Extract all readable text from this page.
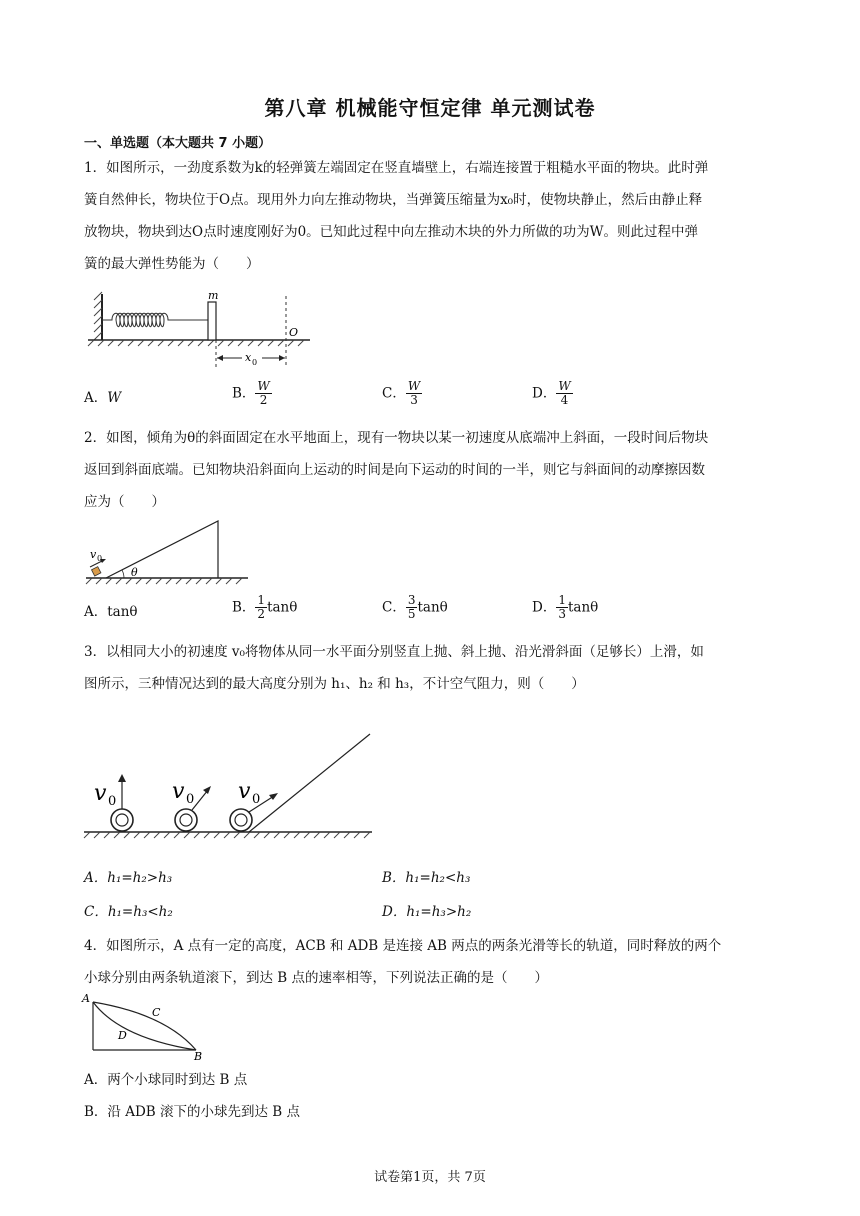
第八章 机械能守恒定律 单元测试卷
一、单选题（本大题共 7 小题）
1．如图所示，一劲度系数为k的轻弹簧左端固定在竖直墙壁上，右端连接置于粗糙水平面的物块。此时弹
簧自然伸长，物块位于O点。现用外力向左推动物块，当弹簧压缩量为x₀时，使物块静止，然后由静止释
放物块，物块到达O点时速度刚好为0。已知此过程中向左推动木块的外力所做的功为W。则此过程中弹
簧的最大弹性势能为（　　）
m
O
x 0
A．W	B． $\frac{W}{2}$	C． $\frac{W}{3}$	D． $\frac{W}{4}$
2．如图，倾角为θ的斜面固定在水平地面上，现有一物块以某一初速度从底端冲上斜面，一段时间后物块
返回到斜面底端。已知物块沿斜面向上运动的时间是向下运动的时间的一半，则它与斜面间的动摩擦因数
应为（　　）
v 0
θ
A．tanθ	B． $\frac{1}{2}$ tanθ	C． $\frac{3}{5}$ tanθ	D． $\frac{1}{3}$ tanθ
3．以相同大小的初速度 v₀将物体从同一水平面分别竖直上抛、斜上抛、沿光滑斜面（足够长）上滑，如
图所示，三种情况达到的最大高度分别为 h₁、h₂ 和 h₃，不计空气阻力，则（　　）
v 0	v 0 v 0
A．h₁=h₂>h₃	B．h₁=h₂<h₃
C．h₁=h₃<h₂	D．h₁=h₃>h₂
4．如图所示，A 点有一定的高度，ACB 和 ADB 是连接 AB 两点的两条光滑等长的轨道，同时释放的两个
小球分别由两条轨道滚下，到达 B 点的速率相等，下列说法正确的是（　　）
A
B
C
D
A．两个小球同时到达 B 点
B．沿 ADB 滚下的小球先到达 B 点
试卷第1页，共 7页
